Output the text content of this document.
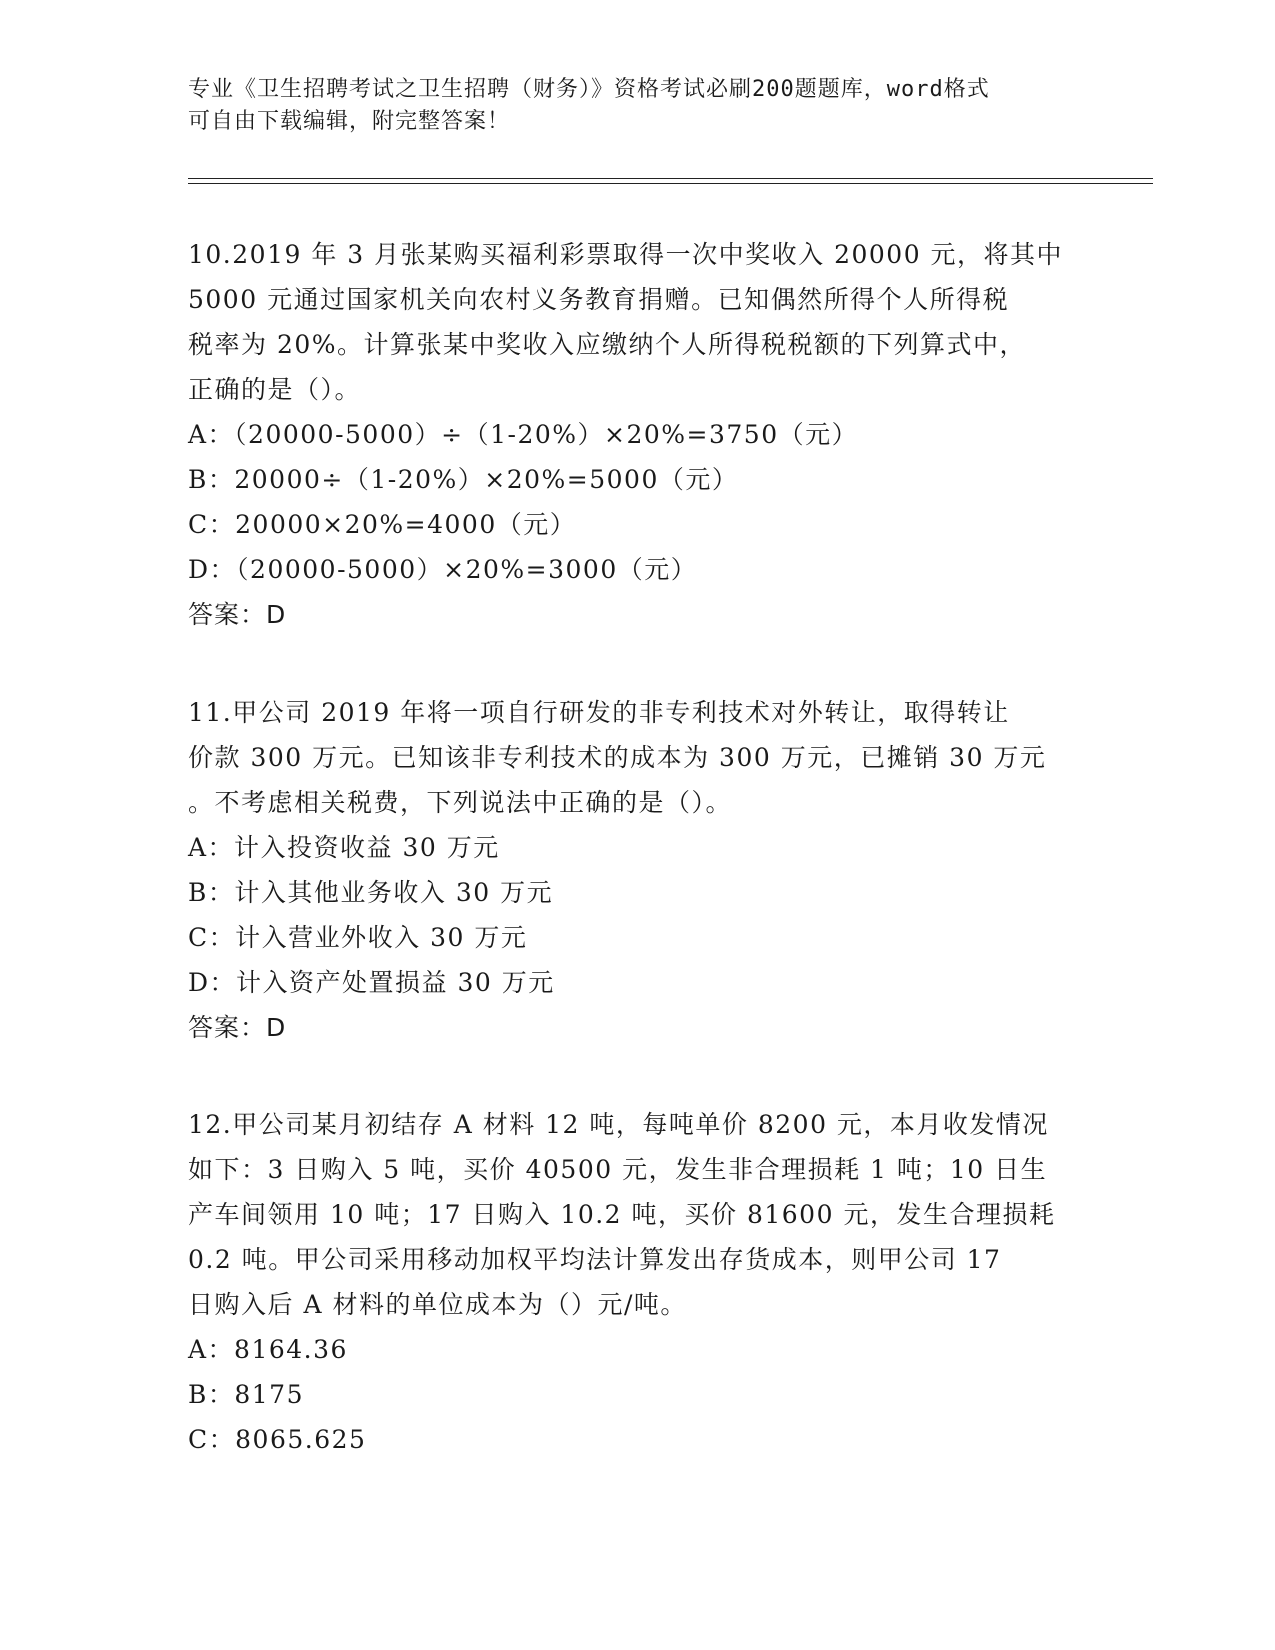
专业《卫生招聘考试之卫生招聘（财务）》资格考试必刷200题题库，word格式
可自由下载编辑，附完整答案！
10.2019 年 3 月张某购买福利彩票取得一次中奖收入 20000 元，将其中
5000 元通过国家机关向农村义务教育捐赠。已知偶然所得个人所得税
税率为 20%。计算张某中奖收入应缴纳个人所得税税额的下列算式中，
正确的是（）。
A：（20000-5000）÷（1-20%）×20%=3750（元）
B：20000÷（1-20%）×20%=5000（元）
C：20000×20%=4000（元）
D：（20000-5000）×20%=3000（元）
答案：D
11.甲公司 2019 年将一项自行研发的非专利技术对外转让，取得转让
价款 300 万元。已知该非专利技术的成本为 300 万元，已摊销 30 万元
。不考虑相关税费，下列说法中正确的是（）。
A：计入投资收益 30 万元
B：计入其他业务收入 30 万元
C：计入营业外收入 30 万元
D：计入资产处置损益 30 万元
答案：D
12.甲公司某月初结存 A 材料 12 吨，每吨单价 8200 元，本月收发情况
如下：3 日购入 5 吨，买价 40500 元，发生非合理损耗 1 吨；10 日生
产车间领用 10 吨；17 日购入 10.2 吨，买价 81600 元，发生合理损耗
0.2 吨。甲公司采用移动加权平均法计算发出存货成本，则甲公司 17
日购入后 A 材料的单位成本为（）元/吨。
A：8164.36
B：8175
C：8065.625
